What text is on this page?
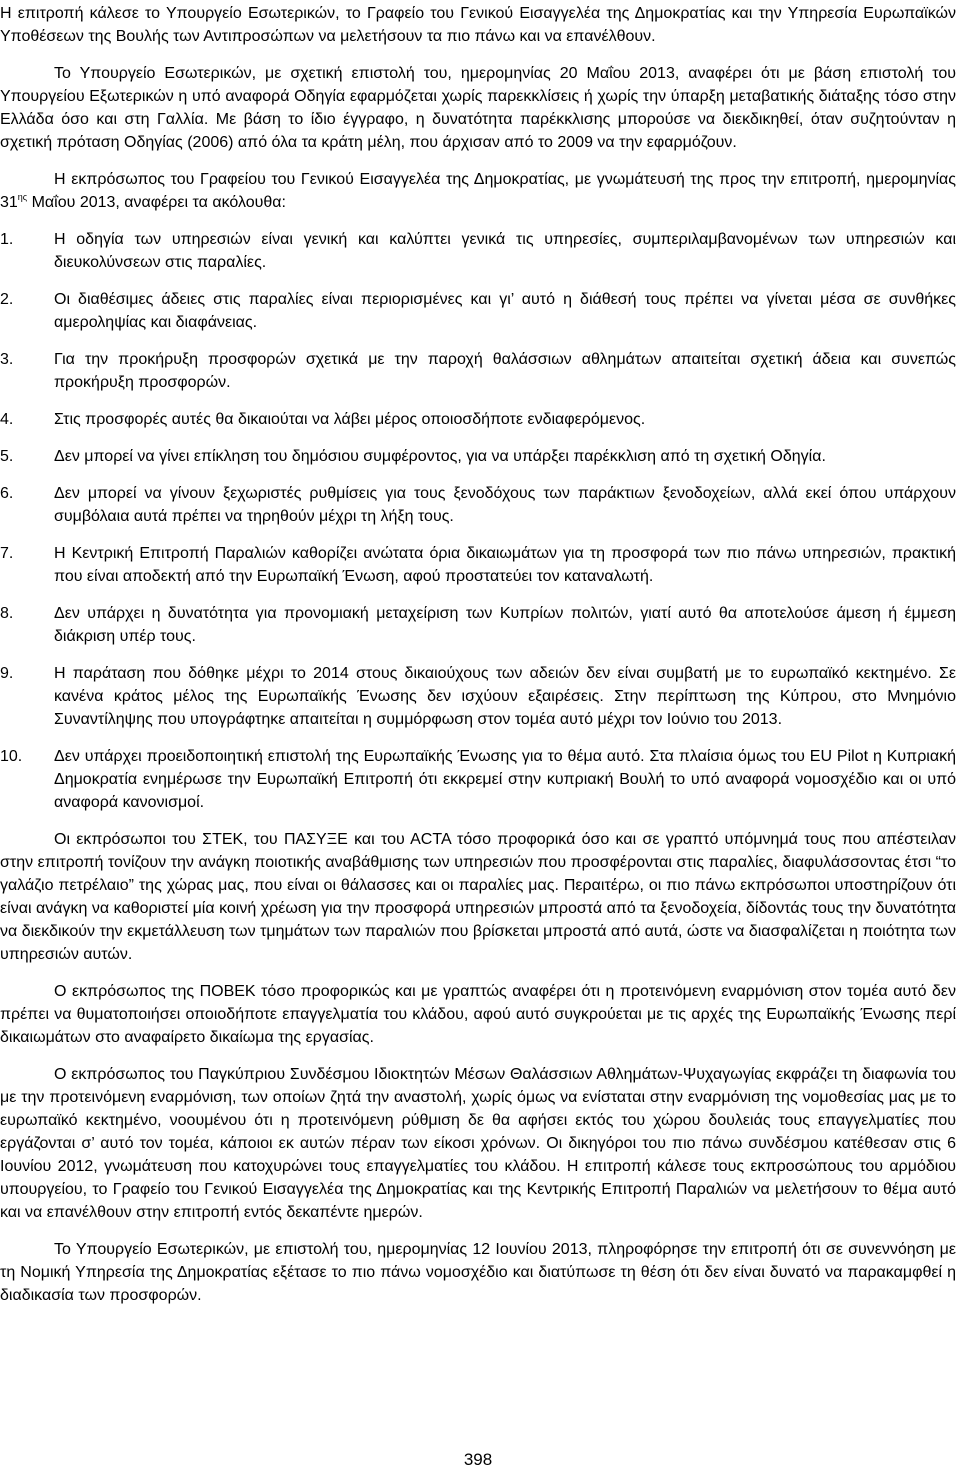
Η επιτροπή κάλεσε το Υπουργείο Εσωτερικών, το Γραφείο του Γενικού Εισαγγελέα της Δημοκρατίας και την Υπηρεσία Ευρωπαϊκών Υποθέσεων της Βουλής των Αντιπροσώπων να μελετήσουν τα πιο πάνω και να επανέλθουν.

Το Υπουργείο Εσωτερικών, με σχετική επιστολή του, ημερομηνίας 20 Μαΐου 2013, αναφέρει ότι με βάση επιστολή του Υπουργείου Εξωτερικών η υπό αναφορά Οδηγία εφαρμόζεται χωρίς παρεκκλίσεις ή χωρίς την ύπαρξη μεταβατικής διάταξης τόσο στην Ελλάδα όσο και στη Γαλλία. Με βάση το ίδιο έγγραφο, η δυνατότητα παρέκκλισης μπορούσε να διεκδικηθεί, όταν συζητούνταν η σχετική πρόταση Οδηγίας (2006) από όλα τα κράτη μέλη, που άρχισαν από το 2009 να την εφαρμόζουν.

Η εκπρόσωπος του Γραφείου του Γενικού Εισαγγελέα της Δημοκρατίας, με γνωμάτευσή της προς την επιτροπή, ημερομηνίας $31^{\eta\varsigma}$ Μαΐου 2013, αναφέρει τα ακόλουθα:

1.	Η οδηγία των υπηρεσιών είναι γενική και καλύπτει γενικά τις υπηρεσίες, συμπεριλαμβανομένων των υπηρεσιών και διευκολύνσεων στις παραλίες.
2.	Οι διαθέσιμες άδειες στις παραλίες είναι περιορισμένες και γι’ αυτό η διάθεσή τους πρέπει να γίνεται μέσα σε συνθήκες αμεροληψίας και διαφάνειας.
3.	Για την προκήρυξη προσφορών σχετικά με την παροχή θαλάσσιων αθλημάτων απαιτείται σχετική άδεια και συνεπώς προκήρυξη προσφορών.
4.	Στις προσφορές αυτές θα δικαιούται να λάβει μέρος οποιοσδήποτε ενδιαφερόμενος.
5.	Δεν μπορεί να γίνει επίκληση του δημόσιου συμφέροντος, για να υπάρξει παρέκκλιση από τη σχετική Οδηγία.
6.	Δεν μπορεί να γίνουν ξεχωριστές ρυθμίσεις για τους ξενοδόχους των παράκτιων ξενοδοχείων, αλλά εκεί όπου υπάρχουν συμβόλαια αυτά πρέπει να τηρηθούν μέχρι τη λήξη τους.
7.	Η Κεντρική Επιτροπή Παραλιών καθορίζει ανώτατα όρια δικαιωμάτων για τη προσφορά των πιο πάνω υπηρεσιών, πρακτική που είναι αποδεκτή από την Ευρωπαϊκή Ένωση, αφού προστατεύει τον καταναλωτή.
8.	Δεν υπάρχει η δυνατότητα για προνομιακή μεταχείριση των Κυπρίων πολιτών, γιατί αυτό θα αποτελούσε άμεση ή έμμεση διάκριση υπέρ τους.
9.	Η παράταση που δόθηκε μέχρι το 2014 στους δικαιούχους των αδειών δεν είναι συμβατή με το ευρωπαϊκό κεκτημένο. Σε κανένα κράτος μέλος της Ευρωπαϊκής Ένωσης δεν ισχύουν εξαιρέσεις. Στην περίπτωση της Κύπρου, στο Μνημόνιο Συναντίληψης που υπογράφτηκε απαιτείται η συμμόρφωση στον τομέα αυτό μέχρι τον Ιούνιο του 2013.
10.	Δεν υπάρχει προειδοποιητική επιστολή της Ευρωπαϊκής Ένωσης για το θέμα αυτό. Στα πλαίσια όμως του EU Pilot η Κυπριακή Δημοκρατία ενημέρωσε την Ευρωπαϊκή Επιτροπή ότι εκκρεμεί στην κυπριακή Βουλή το υπό αναφορά νομοσχέδιο και οι υπό αναφορά κανονισμοί.

Οι εκπρόσωποι του ΣΤΕΚ, του ΠΑΣΥΞΕ και του ΑCΤΑ τόσο προφορικά όσο και σε γραπτό υπόμνημά τους που απέστειλαν στην επιτροπή τονίζουν την ανάγκη ποιοτικής αναβάθμισης των υπηρεσιών που προσφέρονται στις παραλίες, διαφυλάσσοντας έτσι “το γαλάζιο πετρέλαιο” της χώρας μας, που είναι οι θάλασσες και οι παραλίες μας. Περαιτέρω, οι πιο πάνω εκπρόσωποι υποστηρίζουν ότι είναι ανάγκη να καθοριστεί μία κοινή χρέωση για την προσφορά υπηρεσιών μπροστά από τα ξενοδοχεία, δίδοντάς τους την δυνατότητα να διεκδικούν την εκμετάλλευση των τμημάτων των παραλιών που βρίσκεται μπροστά από αυτά, ώστε να διασφαλίζεται η ποιότητα των υπηρεσιών αυτών.

Ο εκπρόσωπος της ΠΟΒΕΚ τόσο προφορικώς και με γραπτώς αναφέρει ότι η προτεινόμενη εναρμόνιση στον τομέα αυτό δεν πρέπει να θυματοποιήσει οποιοδήποτε επαγγελματία του κλάδου, αφού αυτό συγκρούεται με τις αρχές της Ευρωπαϊκής Ένωσης περί δικαιωμάτων στο αναφαίρετο δικαίωμα της εργασίας.

Ο εκπρόσωπος του Παγκύπριου Συνδέσμου Ιδιοκτητών Μέσων Θαλάσσιων Αθλημάτων-Ψυχαγωγίας εκφράζει τη διαφωνία του με την προτεινόμενη εναρμόνιση, των οποίων ζητά την αναστολή, χωρίς όμως να ενίσταται στην εναρμόνιση της νομοθεσίας μας με το ευρωπαϊκό κεκτημένο, νοουμένου ότι η προτεινόμενη ρύθμιση δε θα αφήσει εκτός του χώρου δουλειάς τους επαγγελματίες που εργάζονται σ’ αυτό τον τομέα, κάποιοι εκ αυτών πέραν των είκοσι χρόνων. Οι δικηγόροι του πιο πάνω συνδέσμου κατέθεσαν στις 6 Ιουνίου 2012, γνωμάτευση που κατοχυρώνει τους επαγγελματίες του κλάδου. Η επιτροπή κάλεσε τους εκπροσώπους του αρμόδιου υπουργείου, το Γραφείο του Γενικού Εισαγγελέα της Δημοκρατίας και της Κεντρικής Επιτροπή Παραλιών να μελετήσουν το θέμα αυτό και να επανέλθουν στην επιτροπή εντός δεκαπέντε ημερών.

Το Υπουργείο Εσωτερικών, με επιστολή του, ημερομηνίας 12 Ιουνίου 2013, πληροφόρησε την επιτροπή ότι σε συνεννόηση με τη Νομική Υπηρεσία της Δημοκρατίας εξέτασε το πιο πάνω νομοσχέδιο και διατύπωσε τη θέση ότι δεν είναι δυνατό να παρακαμφθεί η διαδικασία των προσφορών.

398
